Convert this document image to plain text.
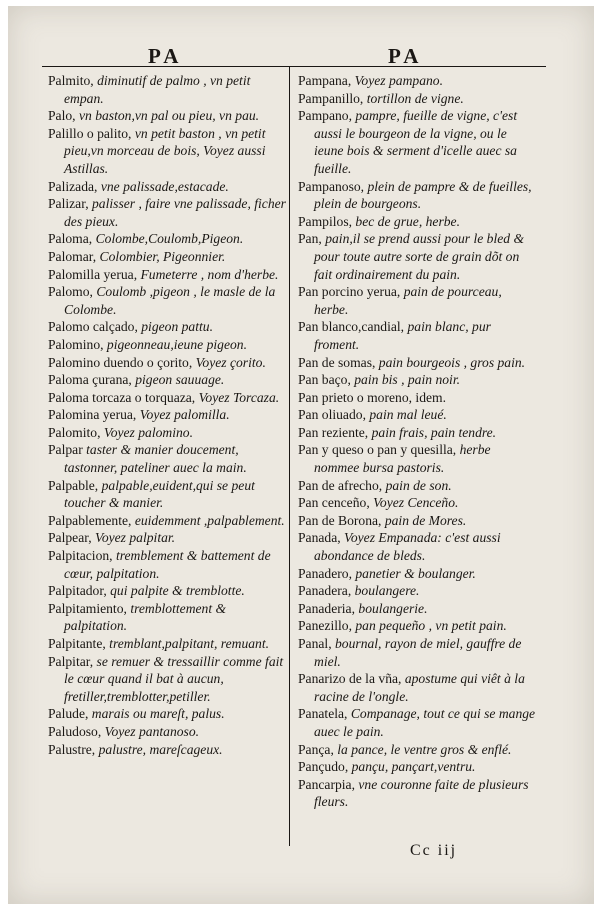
PA	PA
Palmito, diminutif de palmo , vn petit empan.
Palo, vn baston,vn pal ou pieu, vn pau.
Palillo o palito, vn petit baston , vn petit pieu,vn morceau de bois, Voyez aussi Astillas.
Palizada, vne palissade,estacade.
Palizar, palisser , faire vne palissade, ficher des pieux.
Paloma, Colombe,Coulomb,Pigeon.
Palomar, Colombier, Pigeonnier.
Palomilla yerua, Fumeterre , nom d'herbe.
Palomo, Coulomb ,pigeon , le masle de la Colombe.
Palomo calçado, pigeon pattu.
Palomino, pigeonneau,ieune pigeon.
Palomino duendo o çorito, Voyez çorito.
Paloma çurana, pigeon sauuage.
Paloma torcaza o torquaza, Voyez Torcaza.
Palomina yerua, Voyez palomilla.
Palomito, Voyez palomino.
Palpar taster & manier doucement, tastonner, pateliner auec la main.
Palpable, palpable,euident,qui se peut toucher & manier.
Palpablemente, euidemment ,palpablement.
Palpear, Voyez palpitar.
Palpitacion, tremblement & battement de cœur, palpitation.
Palpitador, qui palpite & tremblotte.
Palpitamiento, tremblottement & palpitation.
Palpitante, tremblant,palpitant, remuant.
Palpitar, se remuer & tressaillir comme fait le cœur quand il bat à aucun, fretiller,tremblotter,petiller.
Palude, marais ou mareſt, palus.
Paludoso, Voyez pantanoso.
Palustre, palustre, mareſcageux.
Pampana, Voyez pampano.
Pampanillo, tortillon de vigne.
Pampano, pampre, fueille de vigne, c'est aussi le bourgeon de la vigne, ou le ieune bois & serment d'icelle auec sa fueille.
Pampanoso, plein de pampre & de fueilles, plein de bourgeons.
Pampilos, bec de grue, herbe.
Pan, pain,il se prend aussi pour le bled & pour toute autre sorte de grain dõt on fait ordinairement du pain.
Pan porcino yerua, pain de pourceau, herbe.
Pan blanco,candial, pain blanc, pur froment.
Pan de somas, pain bourgeois , gros pain.
Pan baço, pain bis , pain noir.
Pan prieto o moreno, idem.
Pan oliuado, pain mal leué.
Pan reziente, pain frais, pain tendre.
Pan y queso o pan y quesilla, herbe nommee bursa pastoris.
Pan de afrecho, pain de son.
Pan cenceño, Voyez Cenceño.
Pan de Borona, pain de Mores.
Panada, Voyez Empanada: c'est aussi abondance de bleds.
Panadero, panetier & boulanger.
Panadera, boulangere.
Panaderia, boulangerie.
Panezillo, pan pequeño , vn petit pain.
Panal, bournal, rayon de miel, gauffre de miel.
Panarizo de la vña, apostume qui viêt à la racine de l'ongle.
Panatela, Companage, tout ce qui se mange auec le pain.
Pança, la pance, le ventre gros & enflé.
Pançudo, pançu, pançart,ventru.
Pancarpia, vne couronne faite de plusieurs fleurs.
Cc iij
